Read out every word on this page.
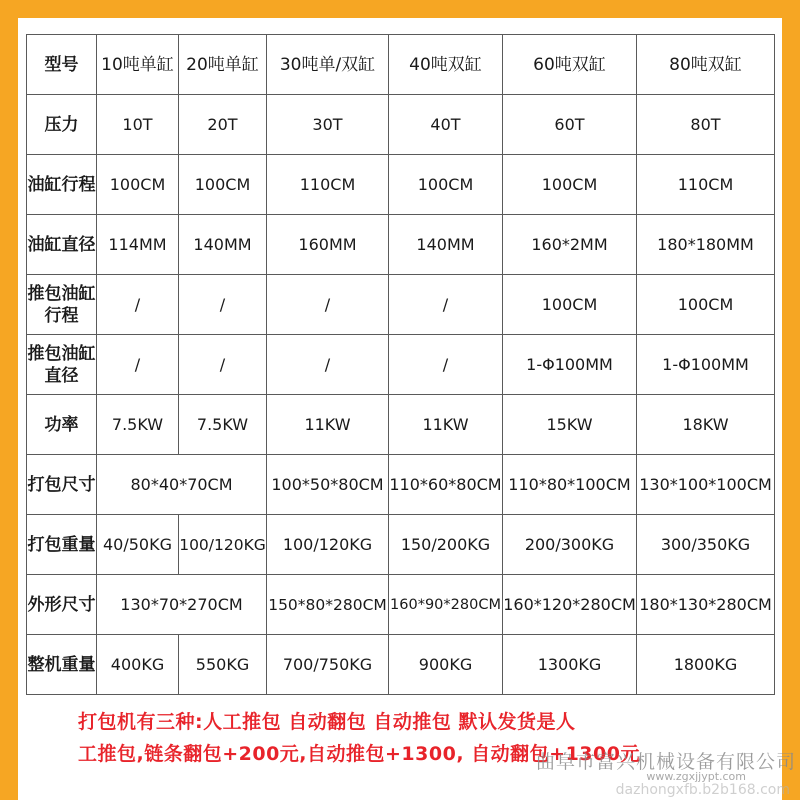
型号	10吨单缸	20吨单缸	30吨单/双缸	40吨双缸	60吨双缸	80吨双缸
压力	10T	20T	30T	40T	60T	80T
油缸行程	100CM	100CM	110CM	100CM	100CM	110CM
油缸直径	114MM	140MM	160MM	140MM	160*2MM	180*180MM
推包油缸行程	/	/	/	/	100CM	100CM
推包油缸直径	/	/	/	/	1-Φ100MM	1-Φ100MM
功率	7.5KW	7.5KW	11KW	11KW	15KW	18KW
打包尺寸	80*40*70CM		100*50*80CM	110*60*80CM	110*80*100CM	130*100*100CM
打包重量	40/50KG	100/120KG	100/120KG	150/200KG	200/300KG	300/350KG
外形尺寸	130*70*270CM		150*80*280CM	160*90*280CM	160*120*280CM	180*130*280CM
整机重量	400KG	550KG	700/750KG	900KG	1300KG	1800KG
打包机有三种:人工推包 自动翻包 自动推包 默认发货是人
工推包,链条翻包+200元,自动推包+1300, 自动翻包+1300元
曲阜市富兴机械设备有限公司
www.zgxjjypt.com
dazhongxfb.b2b168.com
